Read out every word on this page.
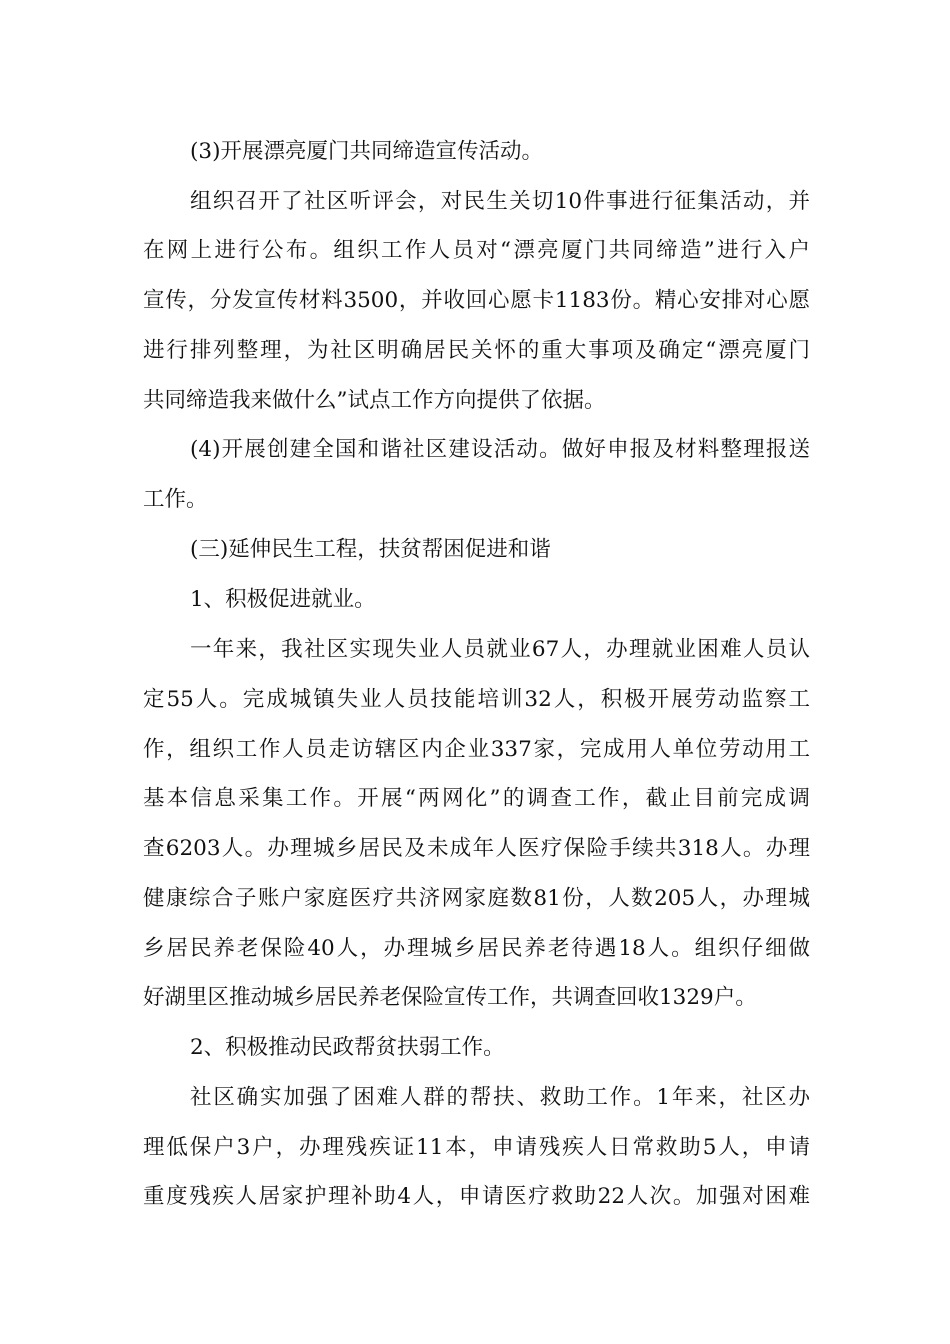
(3)开展漂亮厦门共同缔造宣传活动。
组织召开了社区听评会，对民生关切10件事进行征集活动，并
在网上进行公布。组织工作人员对“漂亮厦门共同缔造”进行入户
宣传，分发宣传材料3500，并收回心愿卡1183份。精心安排对心愿
进行排列整理，为社区明确居民关怀的重大事项及确定“漂亮厦门
共同缔造我来做什么”试点工作方向提供了依据。
(4)开展创建全国和谐社区建设活动。做好申报及材料整理报送
工作。
(三)延伸民生工程，扶贫帮困促进和谐
1、积极促进就业。
一年来，我社区实现失业人员就业67人，办理就业困难人员认
定55人。完成城镇失业人员技能培训32人，积极开展劳动监察工
作，组织工作人员走访辖区内企业337家，完成用人单位劳动用工
基本信息采集工作。开展“两网化”的调查工作，截止目前完成调
查6203人。办理城乡居民及未成年人医疗保险手续共318人。办理
健康综合子账户家庭医疗共济网家庭数81份，人数205人，办理城
乡居民养老保险40人，办理城乡居民养老待遇18人。组织仔细做
好湖里区推动城乡居民养老保险宣传工作，共调查回收1329户。
2、积极推动民政帮贫扶弱工作。
社区确实加强了困难人群的帮扶、救助工作。1年来，社区办
理低保户3户，办理残疾证11本，申请残疾人日常救助5人，申请
重度残疾人居家护理补助4人，申请医疗救助22人次。加强对困难
